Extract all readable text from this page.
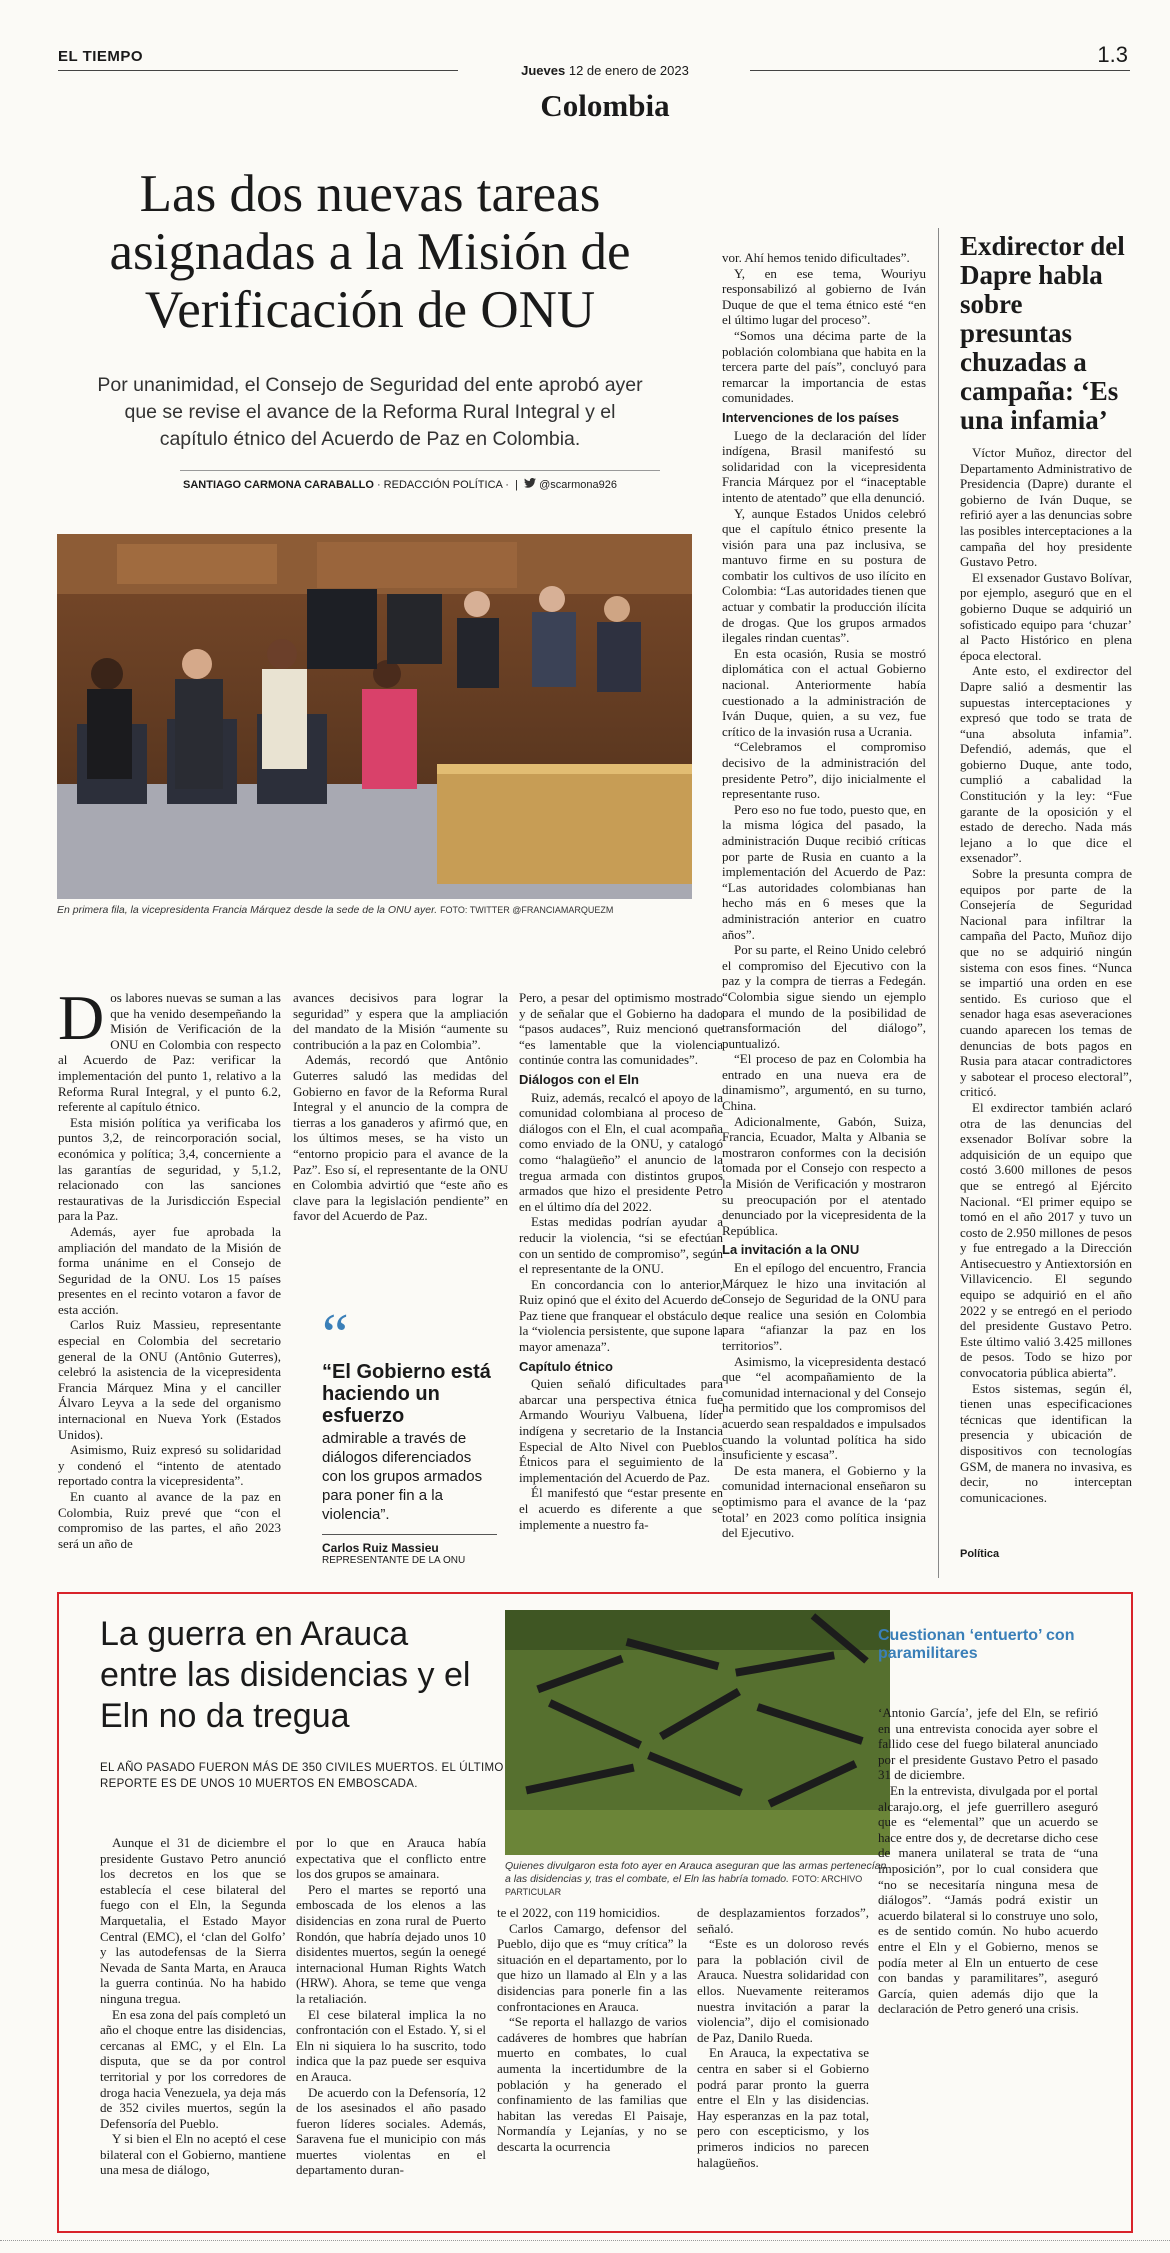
EL TIEMPO	1.3
Jueves 12 de enero de 2023
Colombia
Las dos nuevas tareas asignadas a la Misión de Verificación de ONU
Por unanimidad, el Consejo de Seguridad del ente aprobó ayer que se revise el avance de la Reforma Rural Integral y el capítulo étnico del Acuerdo de Paz en Colombia.
SANTIAGO CARMONA CARABALLO · REDACCIÓN POLÍTICA ·  |   @scarmona926
En primera fila, la vicepresidenta Francia Márquez desde la sede de la ONU ayer. FOTO: TWITTER @FRANCIAMARQUEZM

Dos labores nuevas se suman a las que ha venido desempeñando la Misión de Verificación de la ONU en Colombia con respecto al Acuerdo de Paz: verificar la implementación del punto 1, relativo a la Reforma Rural Integral, y el punto 6.2, referente al capítulo étnico.

Esta misión política ya verificaba los puntos 3,2, de reincorporación social, económica y política; 3,4, concerniente a las garantías de seguridad, y 5,1.2, relacionado con las sanciones restaurativas de la Jurisdicción Especial para la Paz.

Además, ayer fue aprobada la ampliación del mandato de la Misión de forma unánime en el Consejo de Seguridad de la ONU. Los 15 países presentes en el recinto votaron a favor de esta acción.

Carlos Ruiz Massieu, representante especial en Colombia del secretario general de la ONU (Antônio Guterres), celebró la asistencia de la vicepresidenta Francia Márquez Mina y el canciller Álvaro Leyva a la sede del organismo internacional en Nueva York (Estados Unidos).

Asimismo, Ruiz expresó su solidaridad y condenó el “intento de atentado reportado contra la vicepresidenta”.

En cuanto al avance de la paz en Colombia, Ruiz prevé que “con el compromiso de las partes, el año 2023 será un año de

avances decisivos para lograr la seguridad” y espera que la ampliación del mandato de la Misión “aumente su contribución a la paz en Colombia”.

Además, recordó que Antônio Guterres saludó las medidas del Gobierno en favor de la Reforma Rural Integral y el anuncio de la compra de tierras a los ganaderos y afirmó que, en los últimos meses, se ha visto un “entorno propicio para el avance de la Paz”. Eso sí, el representante de la ONU en Colombia advirtió que “este año es clave para la legislación pendiente” en favor del Acuerdo de Paz.

“
“El Gobierno está haciendo un esfuerzo
admirable a través de diálogos diferenciados con los grupos armados para poner fin a la violencia”.
Carlos Ruiz Massieu
REPRESENTANTE DE LA ONU

Pero, a pesar del optimismo mostrado y de señalar que el Gobierno ha dado “pasos audaces”, Ruiz mencionó que “es lamentable que la violencia continúe contra las comunidades”.

Diálogos con el Eln

Ruiz, además, recalcó el apoyo de la comunidad colombiana al proceso de diálogos con el Eln, el cual acompaña como enviado de la ONU, y catalogó como “halagüeño” el anuncio de la tregua armada con distintos grupos armados que hizo el presidente Petro en el último día del 2022.

Estas medidas podrían ayudar a reducir la violencia, “si se efectúan con un sentido de compromiso”, según el representante de la ONU.

En concordancia con lo anterior, Ruiz opinó que el éxito del Acuerdo de Paz tiene que franquear el obstáculo de la “violencia persistente, que supone la mayor amenaza”.

Capítulo étnico

Quien señaló dificultades para abarcar una perspectiva étnica fue Armando Wouriyu Valbuena, líder indígena y secretario de la Instancia Especial de Alto Nivel con Pueblos Étnicos para el seguimiento de la implementación del Acuerdo de Paz.

Él manifestó que “estar presente en el acuerdo es diferente a que se implemente a nuestro fa-

vor. Ahí hemos tenido dificultades”.

Y, en ese tema, Wouriyu responsabilizó al gobierno de Iván Duque de que el tema étnico esté “en el último lugar del proceso”.

“Somos una décima parte de la población colombiana que habita en la tercera parte del país”, concluyó para remarcar la importancia de estas comunidades.

Intervenciones de los países

Luego de la declaración del líder indígena, Brasil manifestó su solidaridad con la vicepresidenta Francia Márquez por el “inaceptable intento de atentado” que ella denunció.

Y, aunque Estados Unidos celebró que el capítulo étnico presente la visión para una paz inclusiva, se mantuvo firme en su postura de combatir los cultivos de uso ilícito en Colombia: “Las autoridades tienen que actuar y combatir la producción ilícita de drogas. Que los grupos armados ilegales rindan cuentas”.

En esta ocasión, Rusia se mostró diplomática con el actual Gobierno nacional. Anteriormente había cuestionado a la administración de Iván Duque, quien, a su vez, fue crítico de la invasión rusa a Ucrania.

“Celebramos el compromiso decisivo de la administración del presidente Petro”, dijo inicialmente el representante ruso.

Pero eso no fue todo, puesto que, en la misma lógica del pasado, la administración Duque recibió críticas por parte de Rusia en cuanto a la implementación del Acuerdo de Paz: “Las autoridades colombianas han hecho más en 6 meses que la administración anterior en cuatro años”.

Por su parte, el Reino Unido celebró el compromiso del Ejecutivo con la paz y la compra de tierras a Fedegán. “Colombia sigue siendo un ejemplo para el mundo de la posibilidad de transformación del diálogo”, puntualizó.

“El proceso de paz en Colombia ha entrado en una nueva era de dinamismo”, argumentó, en su turno, China.

Adicionalmente, Gabón, Suiza, Francia, Ecuador, Malta y Albania se mostraron conformes con la decisión tomada por el Consejo con respecto a la Misión de Verificación y mostraron su preocupación por el atentado denunciado por la vicepresidenta de la República.

La invitación a la ONU

En el epílogo del encuentro, Francia Márquez le hizo una invitación al Consejo de Seguridad de la ONU para que realice una sesión en Colombia para “afianzar la paz en los territorios”.

Asimismo, la vicepresidenta destacó que “el acompañamiento de la comunidad internacional y del Consejo ha permitido que los compromisos del acuerdo sean respaldados e impulsados cuando la voluntad política ha sido insuficiente y escasa”.

De esta manera, el Gobierno y la comunidad internacional enseñaron su optimismo para el avance de la ‘paz total’ en 2023 como política insignia del Ejecutivo.

Exdirector del Dapre habla sobre presuntas chuzadas a campaña: ‘Es una infamia’

Víctor Muñoz, director del Departamento Administrativo de Presidencia (Dapre) durante el gobierno de Iván Duque, se refirió ayer a las denuncias sobre las posibles interceptaciones a la campaña del hoy presidente Gustavo Petro.

El exsenador Gustavo Bolívar, por ejemplo, aseguró que en el gobierno Duque se adquirió un sofisticado equipo para ‘chuzar’ al Pacto Histórico en plena época electoral.

Ante esto, el exdirector del Dapre salió a desmentir las supuestas interceptaciones y expresó que todo se trata de “una absoluta infamia”. Defendió, además, que el gobierno Duque, ante todo, cumplió a cabalidad la Constitución y la ley: “Fue garante de la oposición y el estado de derecho. Nada más lejano a lo que dice el exsenador”.

Sobre la presunta compra de equipos por parte de la Consejería de Seguridad Nacional para infiltrar la campaña del Pacto, Muñoz dijo que no se adquirió ningún sistema con esos fines. “Nunca se impartió una orden en ese sentido. Es curioso que el senador haga esas aseveraciones cuando aparecen los temas de denuncias de bots pagos en Rusia para atacar contradictores y sabotear el proceso electoral”, criticó.

El exdirector también aclaró otra de las denuncias del exsenador Bolívar sobre la adquisición de un equipo que costó 3.600 millones de pesos que se entregó al Ejército Nacional. “El primer equipo se tomó en el año 2017 y tuvo un costo de 2.950 millones de pesos y fue entregado a la Dirección Antisecuestro y Antiextorsión en Villavicencio. El segundo equipo se adquirió en el año 2022 y se entregó en el periodo del presidente Gustavo Petro. Este último valió 3.425 millones de pesos. Todo se hizo por convocatoria pública abierta”.

Estos sistemas, según él, tienen unas especificaciones técnicas que identifican la presencia y ubicación de dispositivos con tecnologías GSM, de manera no invasiva, es decir, no interceptan comunicaciones.

Política
La guerra en Arauca entre las disidencias y el Eln no da tregua
EL AÑO PASADO FUERON MÁS DE 350 CIVILES MUERTOS. EL ÚLTIMO REPORTE ES DE UNOS 10 MUERTOS EN EMBOSCADA.
Quienes divulgaron esta foto ayer en Arauca aseguran que las armas pertenecían a las disidencias y, tras el combate, el Eln las habría tomado. FOTO: ARCHIVO PARTICULAR

Aunque el 31 de diciembre el presidente Gustavo Petro anunció los decretos en los que se establecía el cese bilateral del fuego con el Eln, la Segunda Marquetalia, el Estado Mayor Central (EMC), el ‘clan del Golfo’ y las autodefensas de la Sierra Nevada de Santa Marta, en Arauca la guerra continúa. No ha habido ninguna tregua.

En esa zona del país completó un año el choque entre las disidencias, cercanas al EMC, y el Eln. La disputa, que se da por control territorial y por los corredores de droga hacia Venezuela, ya deja más de 352 civiles muertos, según la Defensoría del Pueblo.

Y si bien el Eln no aceptó el cese bilateral con el Gobierno, mantiene una mesa de diálogo,

por lo que en Arauca había expectativa que el conflicto entre los dos grupos se amainara.

Pero el martes se reportó una emboscada de los elenos a las disidencias en zona rural de Puerto Rondón, que habría dejado unos 10 disidentes muertos, según la oenegé internacional Human Rights Watch (HRW). Ahora, se teme que venga la retaliación.

El cese bilateral implica la no confrontación con el Estado. Y, si el Eln ni siquiera lo ha suscrito, todo indica que la paz puede ser esquiva en Arauca.

De acuerdo con la Defensoría, 12 de los asesinados el año pasado fueron líderes sociales. Además, Saravena fue el municipio con más muertes violentas en el departamento duran-

te el 2022, con 119 homicidios.

Carlos Camargo, defensor del Pueblo, dijo que es “muy crítica” la situación en el departamento, por lo que hizo un llamado al Eln y a las disidencias para ponerle fin a las confrontaciones en Arauca.

“Se reporta el hallazgo de varios cadáveres de hombres que habrían muerto en combates, lo cual aumenta la incertidumbre de la población y ha generado el confinamiento de las familias que habitan las veredas El Paisaje, Normandía y Lejanías, y no se descarta la ocurrencia

de desplazamientos forzados”, señaló.

“Este es un doloroso revés para la población civil de Arauca. Nuestra solidaridad con ellos. Nuevamente reiteramos nuestra invitación a parar la violencia”, dijo el comisionado de Paz, Danilo Rueda.

En Arauca, la expectativa se centra en saber si el Gobierno podrá parar pronto la guerra entre el Eln y las disidencias. Hay esperanzas en la paz total, pero con escepticismo, y los primeros indicios no parecen halagüeños.

Cuestionan ‘entuerto’ con paramilitares

‘Antonio García’, jefe del Eln, se refirió en una entrevista conocida ayer sobre el fallido cese del fuego bilateral anunciado por el presidente Gustavo Petro el pasado 31 de diciembre.

En la entrevista, divulgada por el portal alcarajo.org, el jefe guerrillero aseguró que es “elemental” que un acuerdo se hace entre dos y, de decretarse dicho cese de manera unilateral se trata de “una imposición”, por lo cual considera que “no se necesitaría ninguna mesa de diálogos”. “Jamás podrá existir un acuerdo bilateral si lo construye uno solo, es de sentido común. No hubo acuerdo entre el Eln y el Gobierno, menos se podía meter al Eln un entuerto de cese con bandas y paramilitares”, aseguró García, quien además dijo que la declaración de Petro generó una crisis.
